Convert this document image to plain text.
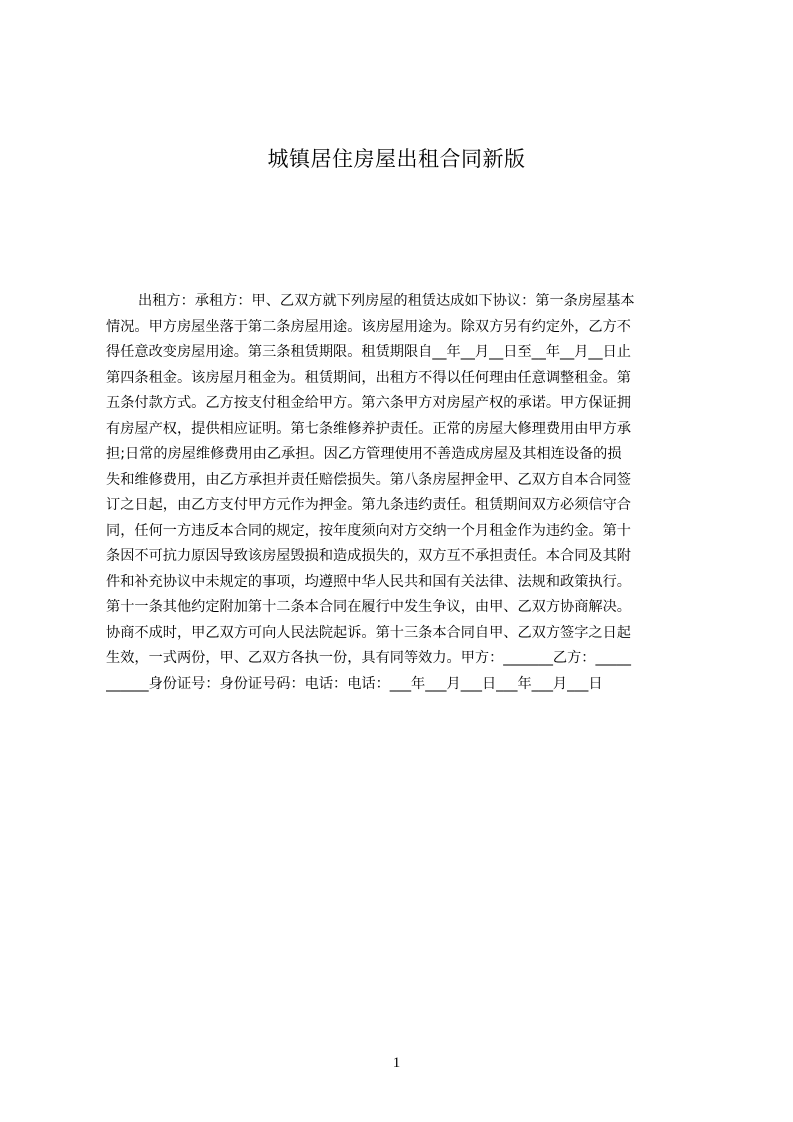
城镇居住房屋出租合同新版
出租方：承租方：甲、乙双方就下列房屋的租赁达成如下协议：第一条房屋基本
情况。甲方房屋坐落于第二条房屋用途。该房屋用途为。除双方另有约定外，乙方不
得任意改变房屋用途。第三条租赁期限。租赁期限自__年__月__日至__年__月__日止
第四条租金。该房屋月租金为。租赁期间，出租方不得以任何理由任意调整租金。第
五条付款方式。乙方按支付租金给甲方。第六条甲方对房屋产权的承诺。甲方保证拥
有房屋产权，提供相应证明。第七条维修养护责任。正常的房屋大修理费用由甲方承
担;日常的房屋维修费用由乙承担。因乙方管理使用不善造成房屋及其相连设备的损
失和维修费用，由乙方承担并责任赔偿损失。第八条房屋押金甲、乙双方自本合同签
订之日起，由乙方支付甲方元作为押金。第九条违约责任。租赁期间双方必须信守合
同，任何一方违反本合同的规定，按年度须向对方交纳一个月租金作为违约金。第十
条因不可抗力原因导致该房屋毁损和造成损失的，双方互不承担责任。本合同及其附
件和补充协议中未规定的事项，均遵照中华人民共和国有关法律、法规和政策执行。
第十一条其他约定附加第十二条本合同在履行中发生争议，由甲、乙双方协商解决。
协商不成时，甲乙双方可向人民法院起诉。第十三条本合同自甲、乙双方签字之日起
生效，一式两份，甲、乙双方各执一份，具有同等效力。甲方：_______乙方：_____
______身份证号：身份证号码：电话：电话：___年___月___日___年___月___日
1
